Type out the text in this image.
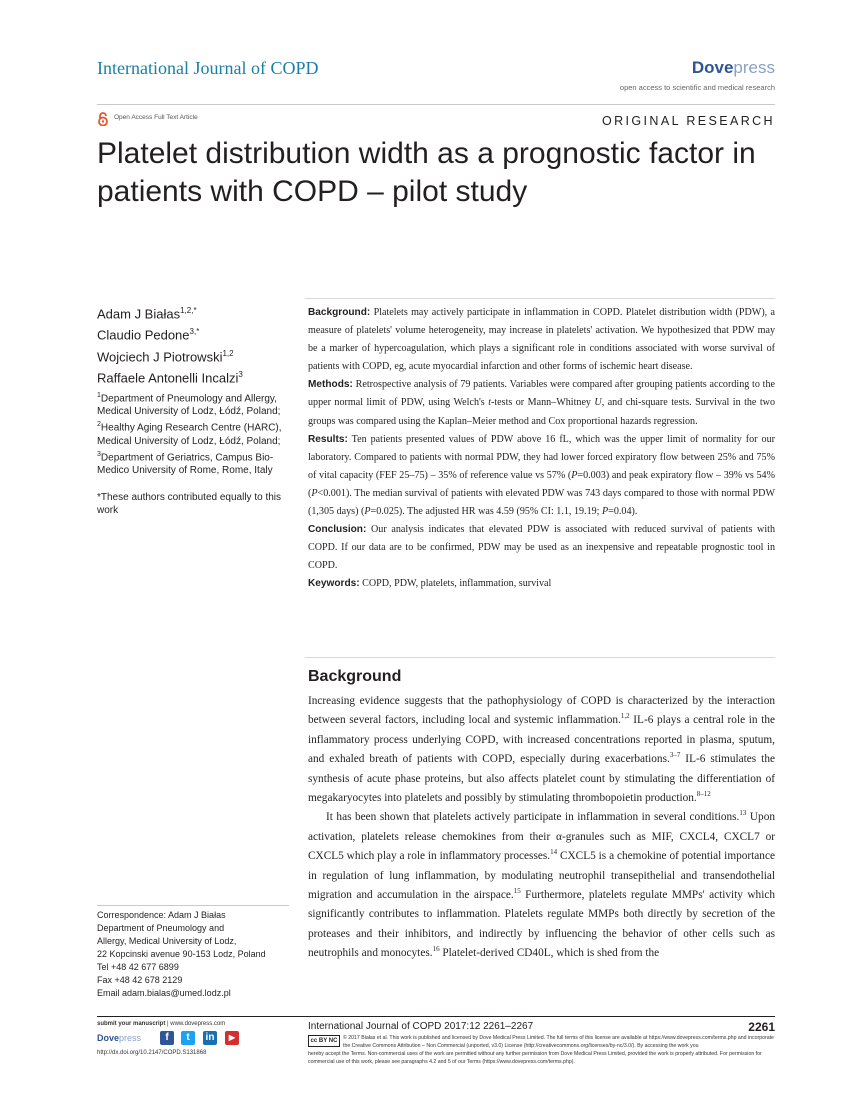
International Journal of COPD	Dovepress
open access to scientific and medical research
Open Access Full Text Article	ORIGINAL RESEARCH
Platelet distribution width as a prognostic factor in patients with COPD – pilot study
Adam J Białas$^{1,2,*}$
Claudio Pedone$^{3,*}$
Wojciech J Piotrowski$^{1,2}$
Raffaele Antonelli Incalzi$^3$
$^1$Department of Pneumology and Allergy, Medical University of Lodz, Łódź, Poland; $^2$Healthy Aging Research Centre (HARC), Medical University of Lodz, Łódź, Poland; $^3$Department of Geriatrics, Campus Bio-Medico University of Rome, Rome, Italy
*These authors contributed equally to this work

Background: Platelets may actively participate in inflammation in COPD. Platelet distribution width (PDW), a measure of platelets' volume heterogeneity, may increase in platelets' activation. We hypothesized that PDW may be a marker of hypercoagulation, which plays a significant role in conditions associated with worse survival of patients with COPD, eg, acute myocardial infarction and other forms of ischemic heart disease.

Methods: Retrospective analysis of 79 patients. Variables were compared after grouping patients according to the upper normal limit of PDW, using Welch's t-tests or Mann–Whitney U, and chi-square tests. Survival in the two groups was compared using the Kaplan–Meier method and Cox proportional hazards regression.

Results: Ten patients presented values of PDW above 16 fL, which was the upper limit of normality for our laboratory. Compared to patients with normal PDW, they had lower forced expiratory flow between 25% and 75% of vital capacity (FEF 25–75) – 35% of reference value vs 57% (P=0.003) and peak expiratory flow – 39% vs 54% (P<0.001). The median survival of patients with elevated PDW was 743 days compared to those with normal PDW (1,305 days) (P=0.025). The adjusted HR was 4.59 (95% CI: 1.1, 19.19; P=0.04).

Conclusion: Our analysis indicates that elevated PDW is associated with reduced survival of patients with COPD. If our data are to be confirmed, PDW may be used as an inexpensive and repeatable prognostic tool in COPD.

Keywords: COPD, PDW, platelets, inflammation, survival

Background

Increasing evidence suggests that the pathophysiology of COPD is characterized by the interaction between several factors, including local and systemic inflammation.$^{1,2}$ IL-6 plays a central role in the inflammatory process underlying COPD, with increased concentrations reported in plasma, sputum, and exhaled breath of patients with COPD, especially during exacerbations.$^{3-7}$ IL-6 stimulates the synthesis of acute phase proteins, but also affects platelet count by stimulating the differentiation of megakaryocytes into platelets and possibly by stimulating thrombopoietin production.$^{8-12}$

It has been shown that platelets actively participate in inflammation in several conditions.$^{13}$ Upon activation, platelets release chemokines from their α-granules such as MIF, CXCL4, CXCL7 or CXCL5 which play a role in inflammatory processes.$^{14}$ CXCL5 is a chemokine of potential importance in regulation of lung inflammation, by modulating neutrophil transepithelial and transendothelial migration and accumulation in the airspace.$^{15}$ Furthermore, platelets regulate MMPs' activity which significantly contributes to inflammation. Platelets regulate MMPs both directly by secretion of the proteases and their inhibitors, and indirectly by influencing the behavior of other cells such as neutrophils and monocytes.$^{16}$ Platelet-derived CD40L, which is shed from the

Correspondence: Adam J Białas
Department of Pneumology and
Allergy, Medical University of Lodz,
22 Kopcinski avenue 90-153 Lodz, Poland
Tel +48 42 677 6899
Fax +48 42 678 2129
Email adam.bialas@umed.lodz.pl
submit your manuscript | www.dovepress.com
Dovepress
http://dx.doi.org/10.2147/COPD.S131868
f	t	in	▶
International Journal of COPD 2017:12 2261–2267	2261
cc BY NC	© 2017 Białas et al. This work is published and licensed by Dove Medical Press Limited. The full terms of this license are available at https://www.dovepress.com/terms.php and incorporate the Creative Commons Attribution – Non Commercial (unported, v3.0) License (http://creativecommons.org/licenses/by-nc/3.0/). By accessing the work you
hereby accept the Terms. Non-commercial uses of the work are permitted without any further permission from Dove Medical Press Limited, provided the work is properly attributed. For permission for commercial use of this work, please see paragraphs 4.2 and 5 of our Terms (https://www.dovepress.com/terms.php).
